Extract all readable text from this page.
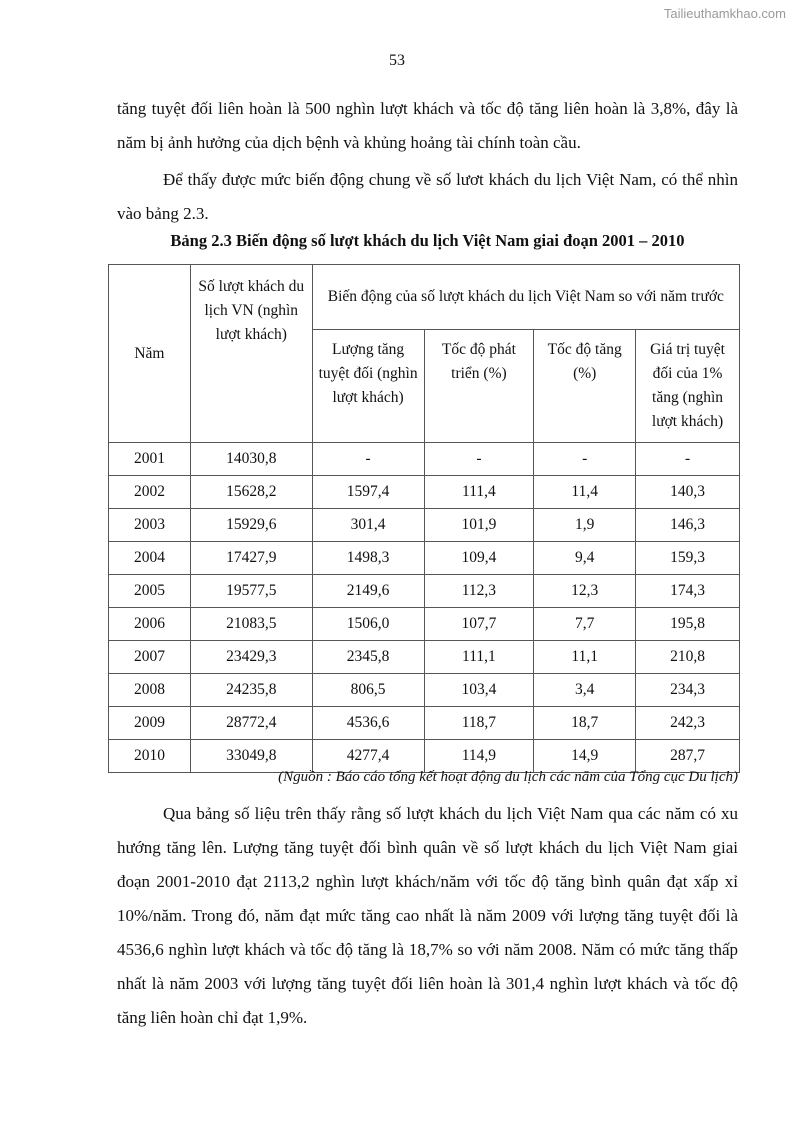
Tailieuthamkhao.com
53

tăng tuyệt đối liên hoàn là 500 nghìn lượt khách và tốc độ tăng liên hoàn là 3,8%, đây là năm bị ảnh hưởng của dịch bệnh và khủng hoảng tài chính toàn cầu.

Để thấy được mức biến động chung về số lươt khách du lịch Việt Nam, có thể nhìn vào bảng 2.3.

Bảng 2.3 Biến động số lượt khách du lịch Việt Nam giai đoạn 2001 – 2010
Năm	Số lượt khách du lịch VN (nghìn lượt khách)	Biến động của số lượt khách du lịch Việt Nam so với năm trước			
		Lượng tăng tuyệt đối (nghìn lượt khách)	Tốc độ phát triển (%)	Tốc độ tăng (%)	Giá trị tuyệt đối của 1% tăng (nghìn lượt khách)
2001	14030,8	-	-	-	-
2002	15628,2	1597,4	111,4	11,4	140,3
2003	15929,6	301,4	101,9	1,9	146,3
2004	17427,9	1498,3	109,4	9,4	159,3
2005	19577,5	2149,6	112,3	12,3	174,3
2006	21083,5	1506,0	107,7	7,7	195,8
2007	23429,3	2345,8	111,1	11,1	210,8
2008	24235,8	806,5	103,4	3,4	234,3
2009	28772,4	4536,6	118,7	18,7	242,3
2010	33049,8	4277,4	114,9	14,9	287,7
(Nguồn : Báo cáo tổng kết hoạt động du lịch các năm của Tổng cục Du lịch)

Qua bảng số liệu trên thấy rằng số lượt khách du lịch Việt Nam qua các năm có xu hướng tăng lên. Lượng tăng tuyệt đối bình quân về số lượt khách du lịch Việt Nam giai đoạn 2001-2010 đạt 2113,2 nghìn lượt khách/năm với tốc độ tăng bình quân đạt xấp xỉ 10%/năm. Trong đó, năm đạt mức tăng cao nhất là năm 2009 với lượng tăng tuyệt đối là 4536,6 nghìn lượt khách và tốc độ tăng là 18,7% so với năm 2008. Năm có mức tăng thấp nhất là năm 2003 với lượng tăng tuyệt đối liên hoàn là 301,4 nghìn lượt khách và tốc độ tăng liên hoàn chỉ đạt 1,9%.
